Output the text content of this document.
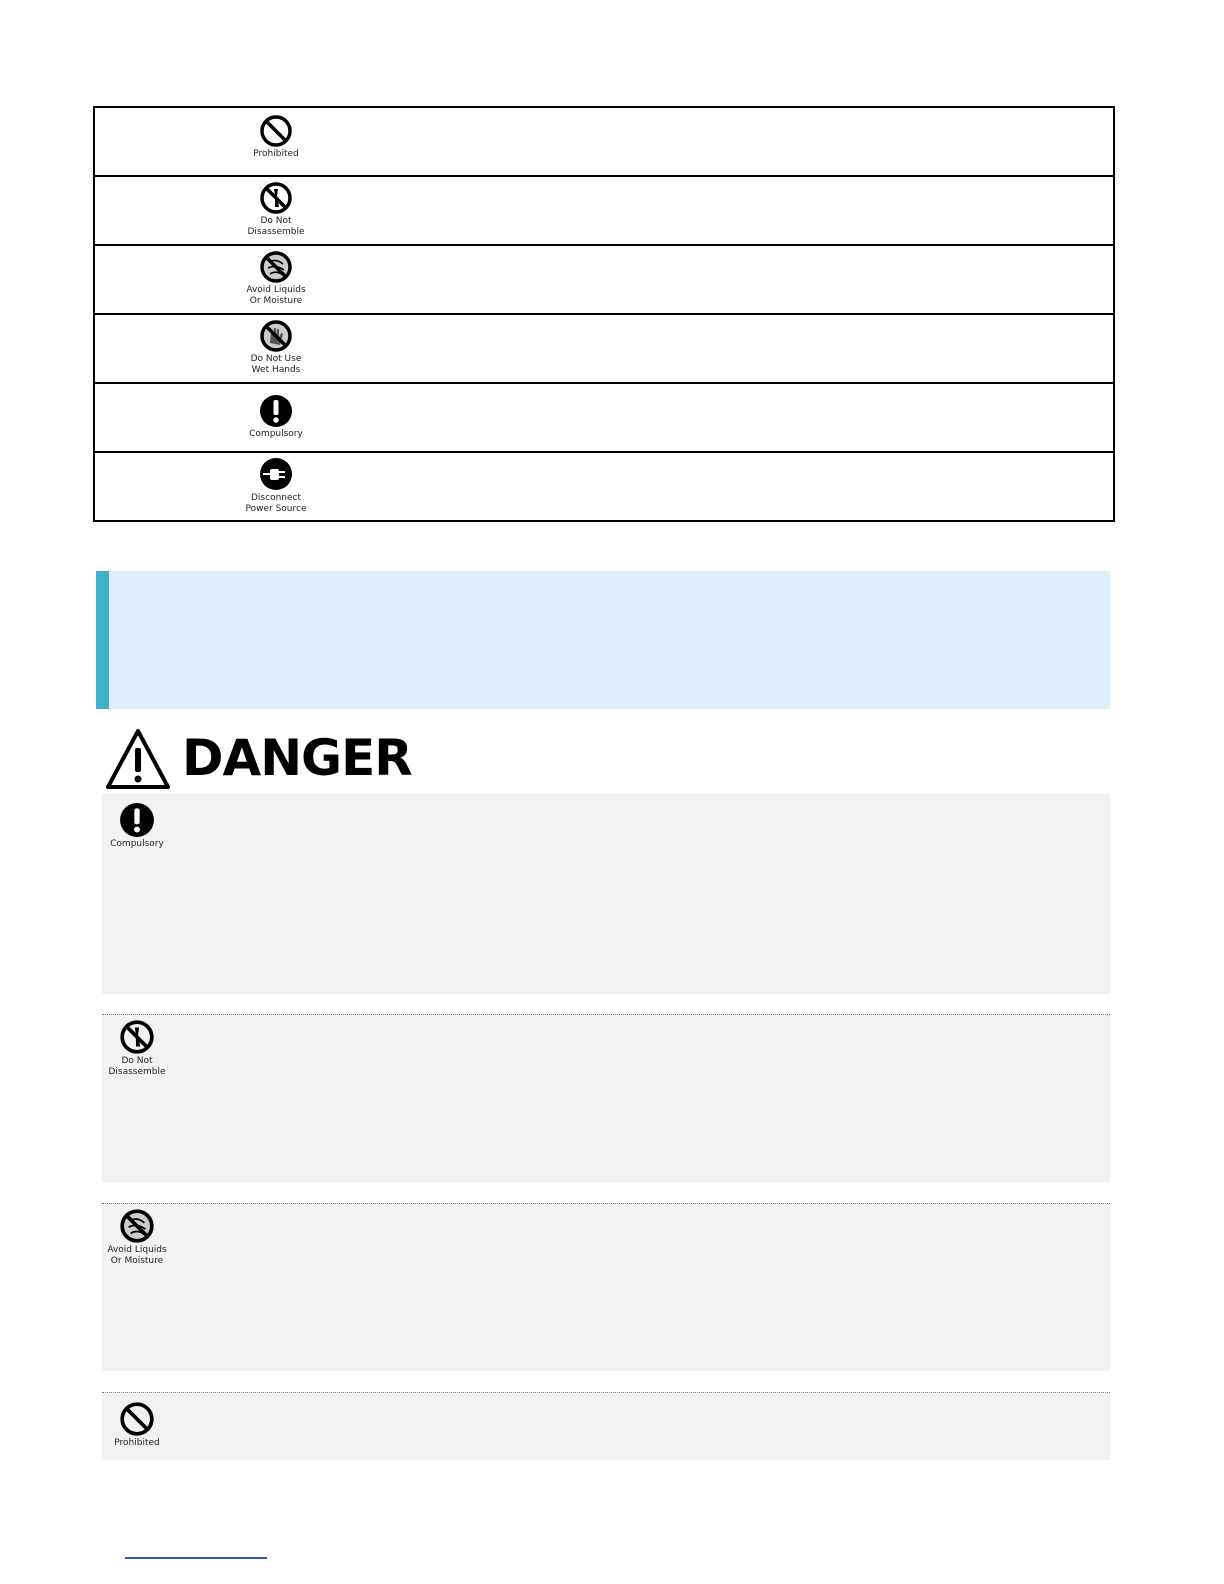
Prohibited
Do Not
Disassemble
Avoid Liquids
Or Moisture
Do Not Use
Wet Hands
Compulsory
Disconnect
Power Source
DANGER
Compulsory
Do Not
Disassemble
Avoid Liquids
Or Moisture
Prohibited
